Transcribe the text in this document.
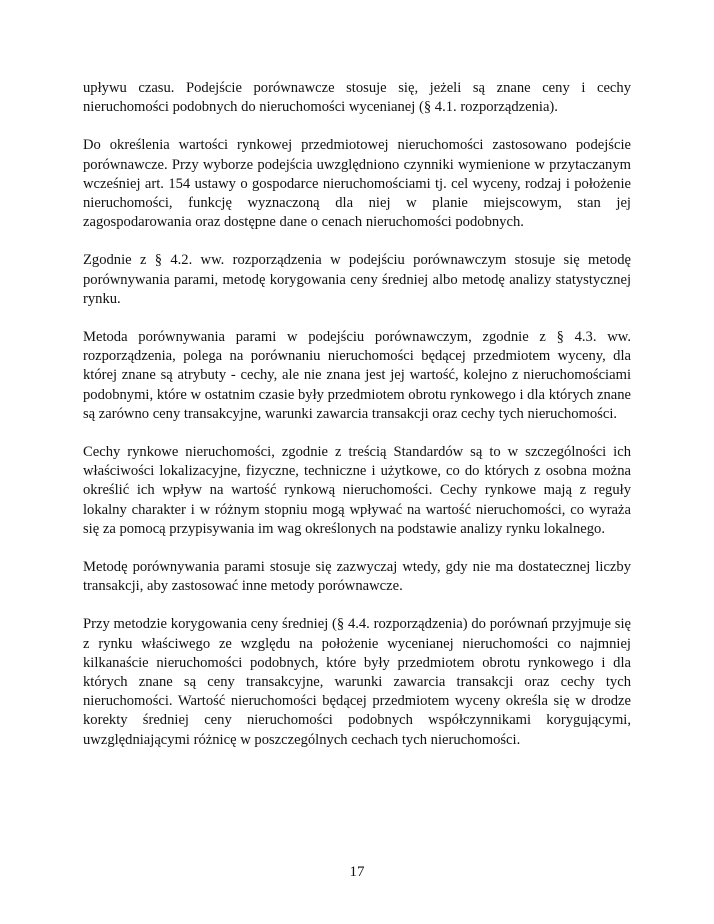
upływu czasu. Podejście porównawcze stosuje się, jeżeli są znane ceny i cechy nieruchomości podobnych do nieruchomości wycenianej (§ 4.1. rozporządzenia).

Do określenia wartości rynkowej przedmiotowej nieruchomości zastosowano podejście porównawcze. Przy wyborze podejścia uwzględniono czynniki wymienione w przytaczanym wcześniej art. 154 ustawy o gospodarce nieruchomościami tj. cel wyceny, rodzaj i położenie nieruchomości, funkcję wyznaczoną dla niej w planie miejscowym, stan jej zagospodarowania oraz dostępne dane o cenach nieruchomości podobnych.

Zgodnie z § 4.2. ww. rozporządzenia w podejściu porównawczym stosuje się metodę porównywania parami, metodę korygowania ceny średniej albo metodę analizy statystycznej rynku.

Metoda porównywania parami w podejściu porównawczym, zgodnie z § 4.3. ww. rozporządzenia, polega na porównaniu nieruchomości będącej przedmiotem wyceny, dla której znane są atrybuty - cechy, ale nie znana jest jej wartość, kolejno z nieruchomościami podobnymi, które w ostatnim czasie były przedmiotem obrotu rynkowego i dla których znane są zarówno ceny transakcyjne, warunki zawarcia transakcji oraz cechy tych nieruchomości.

Cechy rynkowe nieruchomości, zgodnie z treścią Standardów są to w szczególności ich właściwości lokalizacyjne, fizyczne, techniczne i użytkowe, co do których z osobna można określić ich wpływ na wartość rynkową nieruchomości. Cechy rynkowe mają z reguły lokalny charakter i w różnym stopniu mogą wpływać na wartość nieruchomości, co wyraża się za pomocą przypisywania im wag określonych na podstawie analizy rynku lokalnego.

Metodę porównywania parami stosuje się zazwyczaj wtedy, gdy nie ma dostatecznej liczby transakcji, aby zastosować inne metody porównawcze.

Przy metodzie korygowania ceny średniej (§ 4.4. rozporządzenia) do porównań przyjmuje się z rynku właściwego ze względu na położenie wycenianej nieruchomości co najmniej kilkanaście nieruchomości podobnych, które były przedmiotem obrotu rynkowego i dla których znane są ceny transakcyjne, warunki zawarcia transakcji oraz cechy tych nieruchomości. Wartość nieruchomości będącej przedmiotem wyceny określa się w drodze korekty średniej ceny nieruchomości podobnych współczynnikami korygującymi, uwzględniającymi różnicę w poszczególnych cechach tych nieruchomości.

17
